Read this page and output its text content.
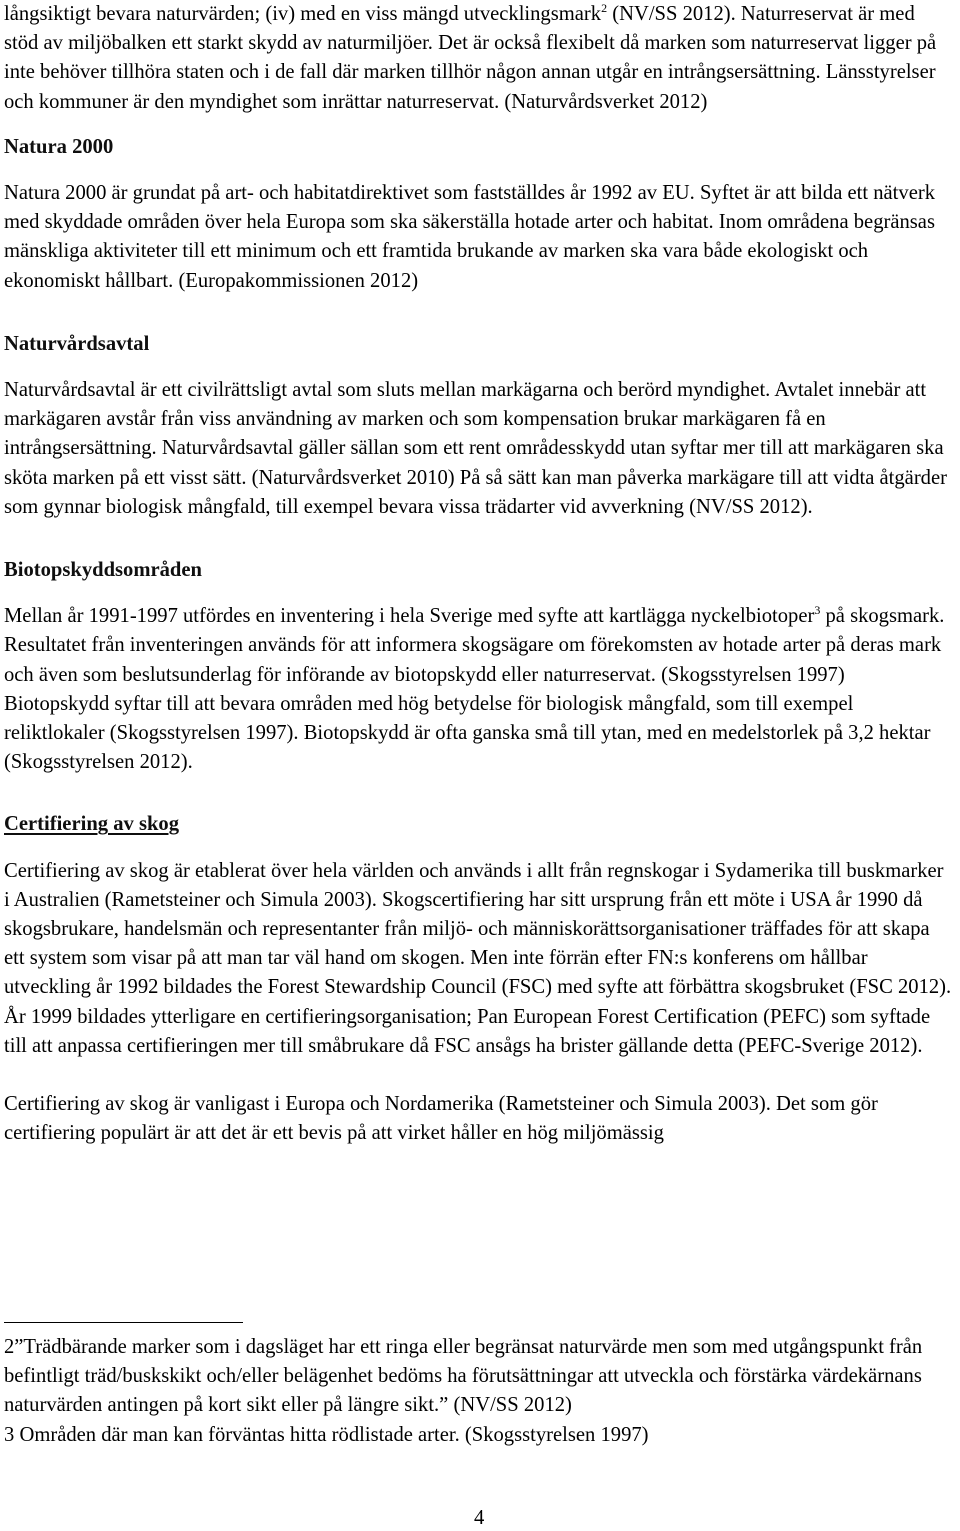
långsiktigt bevara naturvärden; (iv) med en viss mängd utvecklingsmark$^2$ (NV/SS 2012). Naturreservat är med stöd av miljöbalken ett starkt skydd av naturmiljöer. Det är också flexibelt då marken som naturreservat ligger på inte behöver tillhöra staten och i de fall där marken tillhör någon annan utgår en intrångsersättning. Länsstyrelser och kommuner är den myndighet som inrättar naturreservat. (Naturvårdsverket 2012)

Natura 2000

Natura 2000 är grundat på art- och habitatdirektivet som fastställdes år 1992 av EU. Syftet är att bilda ett nätverk med skyddade områden över hela Europa som ska säkerställa hotade arter och habitat. Inom områdena begränsas mänskliga aktiviteter till ett minimum och ett framtida brukande av marken ska vara både ekologiskt och ekonomiskt hållbart. (Europakommissionen 2012)

Naturvårdsavtal

Naturvårdsavtal är ett civilrättsligt avtal som sluts mellan markägarna och berörd myndighet. Avtalet innebär att markägaren avstår från viss användning av marken och som kompensation brukar markägaren få en intrångsersättning. Naturvårdsavtal gäller sällan som ett rent områdesskydd utan syftar mer till att markägaren ska sköta marken på ett visst sätt. (Naturvårdsverket 2010) På så sätt kan man påverka markägare till att vidta åtgärder som gynnar biologisk mångfald, till exempel bevara vissa trädarter vid avverkning (NV/SS 2012).

Biotopskyddsområden

Mellan år 1991-1997 utfördes en inventering i hela Sverige med syfte att kartlägga nyckelbiotoper$^3$ på skogsmark. Resultatet från inventeringen används för att informera skogsägare om förekomsten av hotade arter på deras mark och även som beslutsunderlag för införande av biotopskydd eller naturreservat. (Skogsstyrelsen 1997) Biotopskydd syftar till att bevara områden med hög betydelse för biologisk mångfald, som till exempel reliktlokaler (Skogsstyrelsen 1997). Biotopskydd är ofta ganska små till ytan, med en medelstorlek på 3,2 hektar (Skogsstyrelsen 2012).

Certifiering av skog

Certifiering av skog är etablerat över hela världen och används i allt från regnskogar i Sydamerika till buskmarker i Australien (Rametsteiner och Simula 2003). Skogscertifiering har sitt ursprung från ett möte i USA år 1990 då skogsbrukare, handelsmän och representanter från miljö- och människorättsorganisationer träffades för att skapa ett system som visar på att man tar väl hand om skogen. Men inte förrän efter FN:s konferens om hållbar utveckling år 1992 bildades the Forest Stewardship Council (FSC) med syfte att förbättra skogsbruket (FSC 2012). År 1999 bildades ytterligare en certifieringsorganisation; Pan European Forest Certification (PEFC) som syftade till att anpassa certifieringen mer till småbrukare då FSC ansågs ha brister gällande detta (PEFC-Sverige 2012).

Certifiering av skog är vanligast i Europa och Nordamerika (Rametsteiner och Simula 2003). Det som gör certifiering populärt är att det är ett bevis på att virket håller en hög miljömässig

2”Trädbärande marker som i dagsläget har ett ringa eller begränsat naturvärde men som med utgångspunkt från befintligt träd/buskskikt och/eller belägenhet bedöms ha förutsättningar att utveckla och förstärka värdekärnans naturvärden antingen på kort sikt eller på längre sikt.” (NV/SS 2012)

3 Områden där man kan förväntas hitta rödlistade arter. (Skogsstyrelsen 1997)

4
